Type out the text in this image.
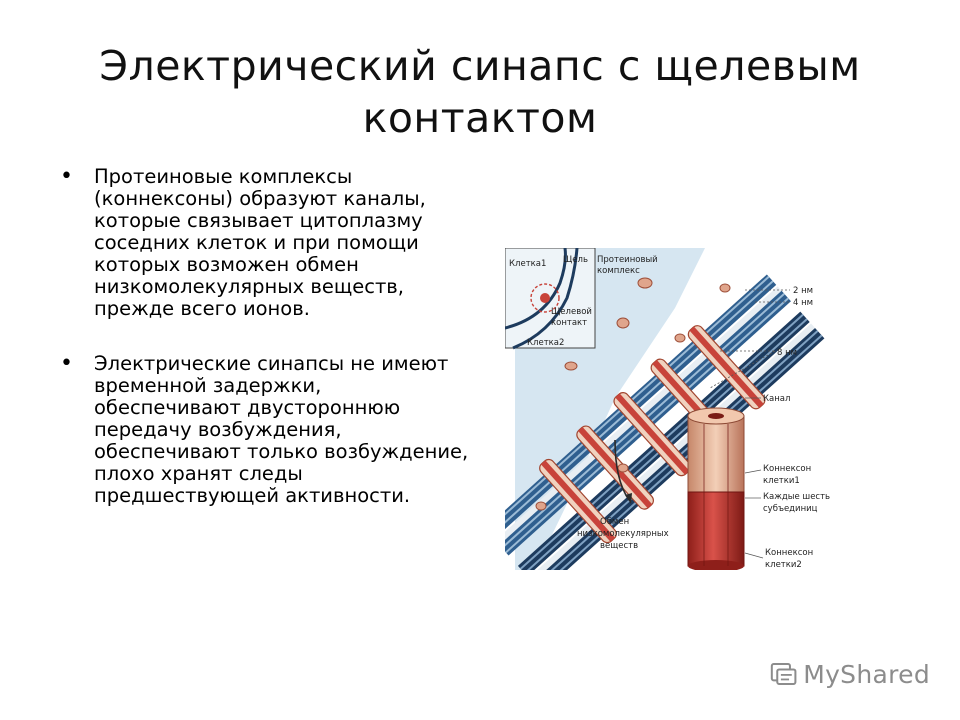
Электрический синапс с щелевым
контактом
• Протеиновые комплексы (коннексоны) образуют каналы, которые связывает цитоплазму соседних клеток и при помощи которых возможен обмен низкомолекулярных веществ, прежде всего ионов.
• Электрические синапсы не имеют временной задержки, обеспечивают двустороннюю передачу возбуждения, обеспечивают только возбуждение, плохо хранят следы предшествующей активности.
Клетка1 Щель
Щелевой
контакт
Клетка2
Протеиновый
комплекс
2 нм
4 нм
8 нм
Канал
Коннексон
клетки1
Каждые шесть
субъединиц
Коннексон
клетки2
Обмен
низкомолекулярных
веществ
MyShared
